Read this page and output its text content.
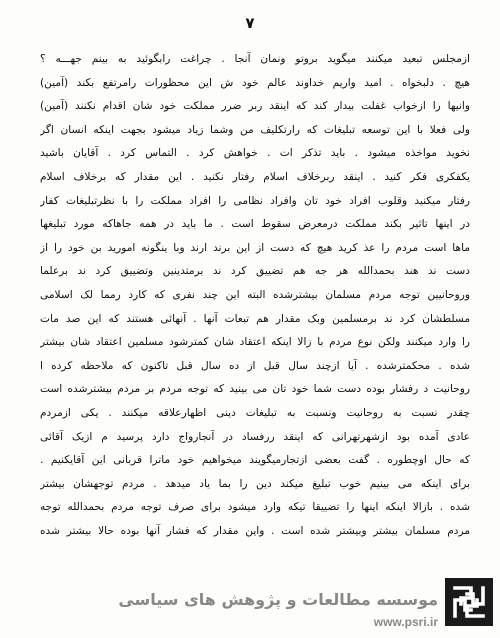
۷
ازمجلس تبعید میکنند میگوید بروتو ونمان آنجا . چراغت رابگوئید به بینم جهـــه ؟
هیچ . دلبخواه . امید واریم خداوند عالم خود ش این محظورات رامرتفع بکند (آمین)
وانیها را ازخواب غفلت بیدار کند که اینقد ربر ضرر مملکت خود شان اقدام نکنند (آمین)
ولی فعلا با این توسعه تبلیغات که رارتکلیف من وشما زیاد میشود بجهت اینکه انسان اگر
نخوید مواخذه میشود . باید تذکر ات . خواهش کرد . التماس کرد . آقایان باشید
یکفکری فکر کنید . اینقد ربرخلاف اسلام رفتار نکنید . این مقدار که برخلاف اسلام
رفتار میکنید وقلوب افراد خود تان وافراد نظامی را افراد مملکت را با نظرتبلیغات کفار
در اینها تاثیر بکند مملکت درمعرض سقوط است . ما باید در همه جاهاکه مورد تبلیغها
ماها است مردم را عذ کرید هیچ که دست از این برند ارند وبا ینگونه امورید بن خود را از
دست ند هند بحمدالله هر جه هم تضییق کرد ند برمتدینین وتضییق کرد ند برعلما
وروحانیین توجه مردم مسلمان بیشترشده البته این چند نفری که کارد رمما لک اسلامی
مسلطشان کرد ند برمسلمین وبک مقدار هم تبعات آنها . آنهائی هستند که این صد مات
را وارد میکنند ولکن نوع مردم با زالا اینکه اعتقاد شان کمترشود مسلمین اعتقاد شان بیشتر
شده . محکمترشده . آیا ازچند سال قبل از ده سال قبل تاکنون که ملاحظه کرده ا
روحانیت د رفشار بوده دست شما خود تان می بینید که توجه مردم بر مردم بیشترشده است
چقدر نسبت به روحانیت ونسبت به تبلیغات دینی اظهارعلاقه میکنند . یکی ازمردم
عادی آمده بود ازشهرتهرانی که اینقد ررفساد در آنجارواج دارد پرسید م ازیک آقائی
که حال اوچطوره . گفت بعضی ازتجارمیگویند میخواهیم خود ماترا قربانی این آقایکنیم .
برای اینکه می بینیم خوب تبلیغ میکند دین را بما یاد میدهد . مردم توجهشان بیشتر
شده . بازالا اینکه اینها را تضییقا تیکه وارد میشود برای صرف توجه مردم بحمدالله توجه
مردم مسلمان بیشتر وبیشتر شده است . واین مقدار که فشار آنها بوده حالا بیشتر شده
موسسه مطالعات و پژوهش های سیاسی
www.psri.ir
